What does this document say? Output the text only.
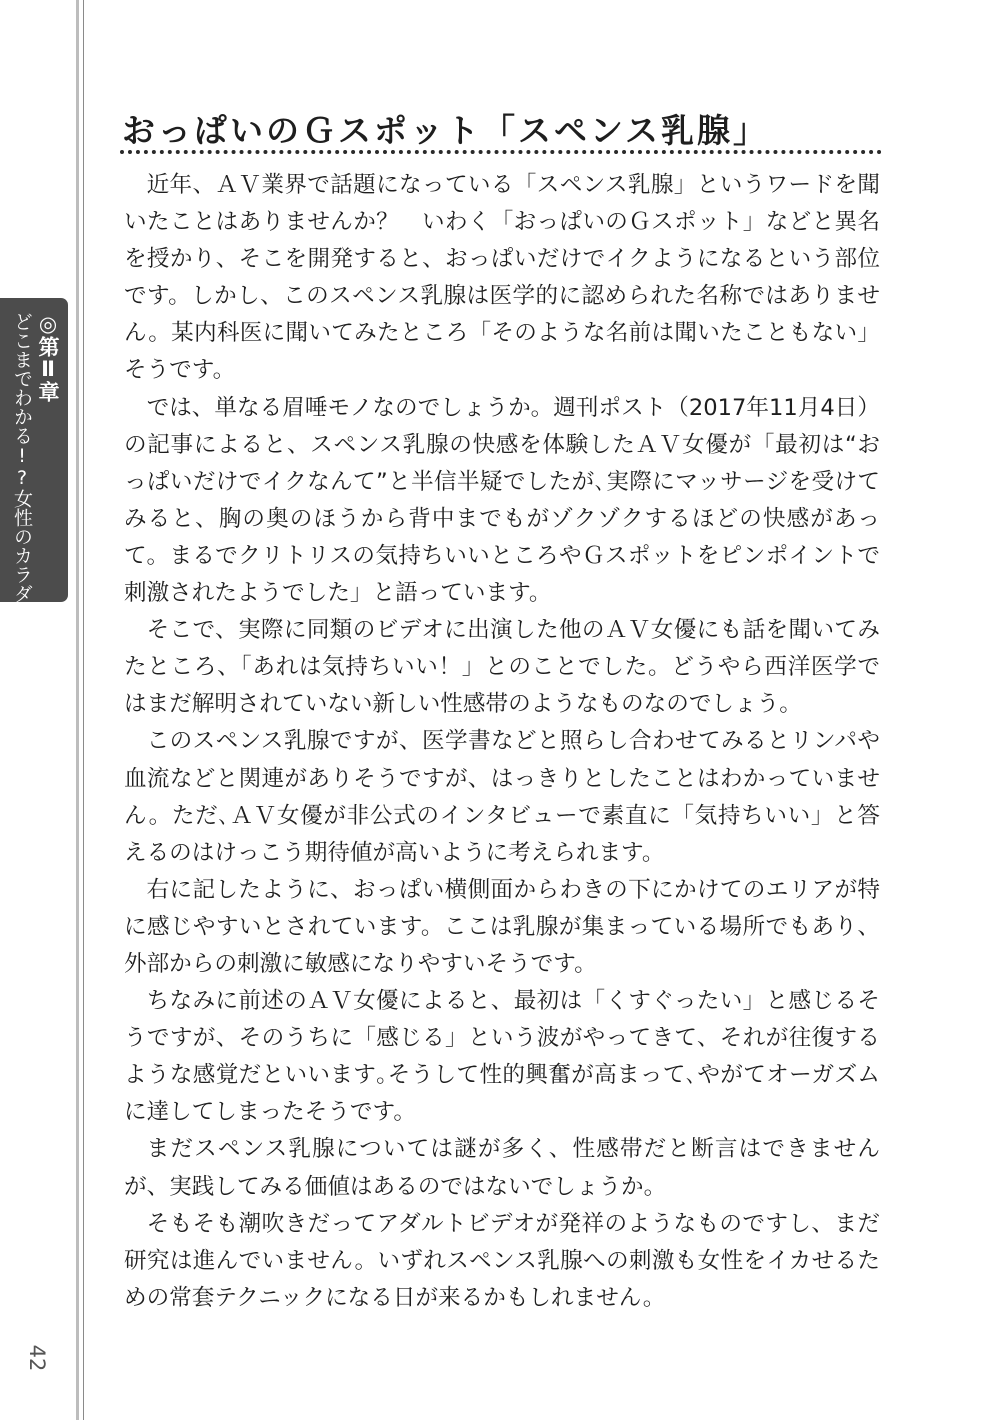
◎第Ⅱ章
どこまでわかる!?女性のカラダ
42
おっぱいのＧスポット「スペンス乳腺」

近年、ＡＶ業界で話題になっている「スペンス乳腺」というワードを聞いたことはありませんか？　いわく「おっぱいのＧスポット」などと異名を授かり、そこを開発すると、おっぱいだけでイクようになるという部位です。しかし、このスペンス乳腺は医学的に認められた名称ではありません。某内科医に聞いてみたところ「そのような名前は聞いたこともない」そうです。

では、単なる眉唾モノなのでしょうか。週刊ポスト（2017年11月4日）の記事によると、スペンス乳腺の快感を体験したＡＶ女優が「最初は“おっぱいだけでイクなんて”と半信半疑でしたが､実際にマッサージを受けてみると、胸の奥のほうから背中までもがゾクゾクするほどの快感があって。まるでクリトリスの気持ちいいところやＧスポットをピンポイントで刺激されたようでした」と語っています。

そこで、実際に同類のビデオに出演した他のＡＶ女優にも話を聞いてみたところ、「あれは気持ちいい！」とのことでした。どうやら西洋医学ではまだ解明されていない新しい性感帯のようなものなのでしょう。

このスペンス乳腺ですが、医学書などと照らし合わせてみるとリンパや血流などと関連がありそうですが、はっきりとしたことはわかっていません。ただ､ＡＶ女優が非公式のインタビューで素直に「気持ちいい」と答えるのはけっこう期待値が高いように考えられます。

右に記したように、おっぱい横側面からわきの下にかけてのエリアが特に感じやすいとされています。ここは乳腺が集まっている場所でもあり、外部からの刺激に敏感になりやすいそうです。

ちなみに前述のＡＶ女優によると、最初は「くすぐったい」と感じるそうですが、そのうちに「感じる」という波がやってきて、それが往復するような感覚だといいます｡そうして性的興奮が高まって､やがてオーガズムに達してしまったそうです。

まだスペンス乳腺については謎が多く、性感帯だと断言はできませんが、実践してみる価値はあるのではないでしょうか。

そもそも潮吹きだってアダルトビデオが発祥のようなものですし、まだ研究は進んでいません。いずれスペンス乳腺への刺激も女性をイカせるための常套テクニックになる日が来るかもしれません。
